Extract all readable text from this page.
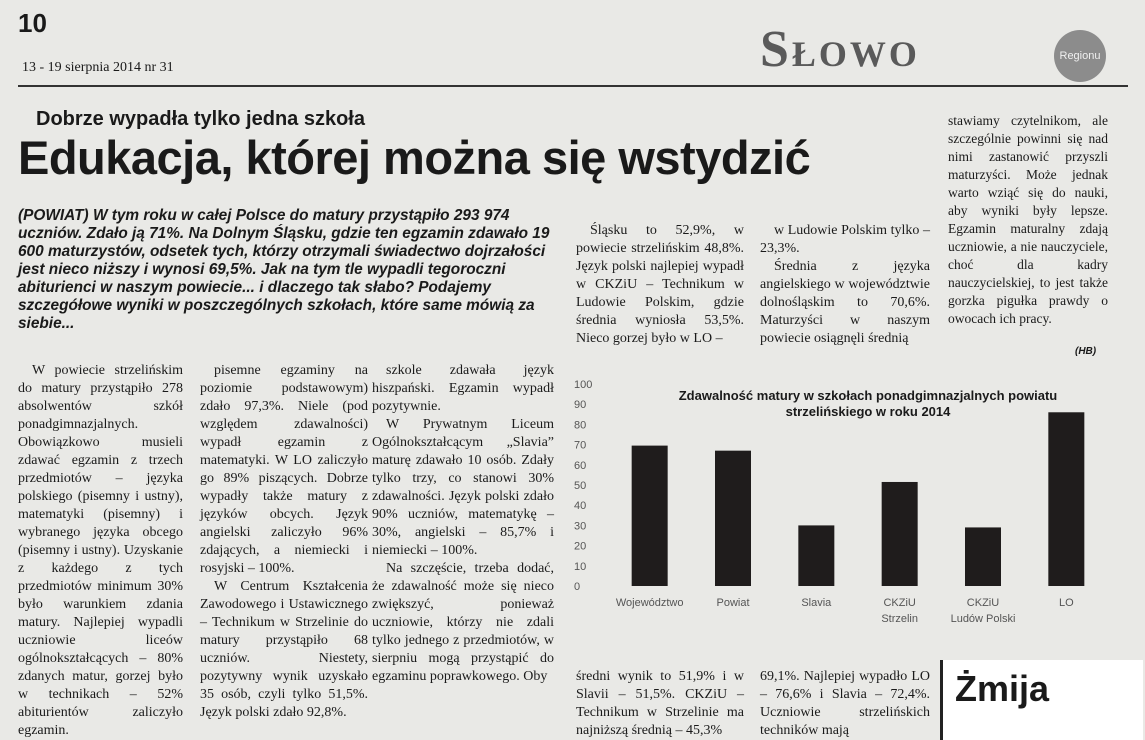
10
13 - 19 sierpnia 2014 nr 31	Słowo	Regionu
Dobrze wypadła tylko jedna szkoła
Edukacja, której można się wstydzić
(POWIAT) W tym roku w całej Polsce do matury przystąpiło 293 974 uczniów. Zdało ją 71%. Na Dolnym Śląsku, gdzie ten egzamin zdawało 19 600 maturzystów, odsetek tych, którzy otrzymali świadectwo dojrzałości jest nieco niższy i wynosi 69,5%. Jak na tym tle wypadli tegoroczni abiturienci w naszym powiecie... i dlaczego tak słabo? Podajemy szczegółowe wyniki w poszczególnych szkołach, które same mówią za siebie...

W powiecie strzelińskim do matury przystąpiło 278 absolwentów szkół ponadgimnazjalnych. Obowiązkowo musieli zdawać egzamin z trzech przedmiotów – języka polskiego (pisemny i ustny), matematyki (pisemny) i wybranego języka obcego (pisemny i ustny). Uzyskanie z każdego z tych przedmiotów minimum 30% było warunkiem zdania matury. Najlepiej wypadli uczniowie liceów ogólnokształcących – 80% zdanych matur, gorzej było w technikach – 52% abiturientów zaliczyło egzamin.

pisemne egzaminy na poziomie podstawowym) zdało 97,3%. Niele (pod względem zdawalności) wypadł egzamin z matematyki. W LO zaliczyło go 89% piszących. Dobrze wypadły także matury z języków obcych. Język angielski zaliczyło 96% zdających, a niemiecki i rosyjski – 100%.

W Centrum Kształcenia Zawodowego i Ustawicznego – Technikum w Strzelinie do matury przystąpiło 68 uczniów. Niestety, pozytywny wynik uzyskało 35 osób, czyli tylko 51,5%. Język polski zdało 92,8%.

szkole zdawała język hiszpański. Egzamin wypadł pozytywnie.

W Prywatnym Liceum Ogólnokształcącym „Slavia” maturę zdawało 10 osób. Zdały tylko trzy, co stanowi 30% zdawalności. Język polski zdało 90% uczniów, matematykę – 30%, angielski – 85,7% i niemiecki – 100%.

Na szczęście, trzeba dodać, że zdawalność może się nieco zwiększyć, ponieważ uczniowie, którzy nie zdali tylko jednego z przedmiotów, w sierpniu mogą przystąpić do egzaminu poprawkowego. Oby

Śląsku to 52,9%, w powiecie strzelińskim 48,8%. Język polski najlepiej wypadł w CKZiU – Technikum w Ludowie Polskim, gdzie średnia wyniosła 53,5%. Nieco gorzej było w LO –

w Ludowie Polskim tylko – 23,3%.

Średnia z języka angielskiego w województwie dolnośląskim to 70,6%. Maturzyści w naszym powiecie osiągnęli średnią

stawiamy czytelnikom, ale szczególnie powinni się nad nimi zastanowić przyszli maturzyści. Może jednak warto wziąć się do nauki, aby wyniki były lepsze. Egzamin maturalny zdają uczniowie, a nie nauczyciele, choć dla kadry nauczycielskiej, to jest także gorzka pigułka prawdy o owocach ich pracy.

średni wynik to 51,9% i w Slavii – 51,5%. CKZiU – Technikum w Strzelinie ma najniższą średnią – 45,3%

69,1%. Najlepiej wypadło LO – 76,6% i Slavia – 72,4%. Uczniowie strzelińskich techników mają

(HB)
Żmija
Zdawalność matury w szkołach ponadgimnazjalnych powiatu
strzelińskiego w roku 2014
0
10
20
30
40
50
60
70
80
90
100
Województwo	Powiat	Slavia	CKZiU
Strzelin
CKZiU
Ludów Polski
LO
